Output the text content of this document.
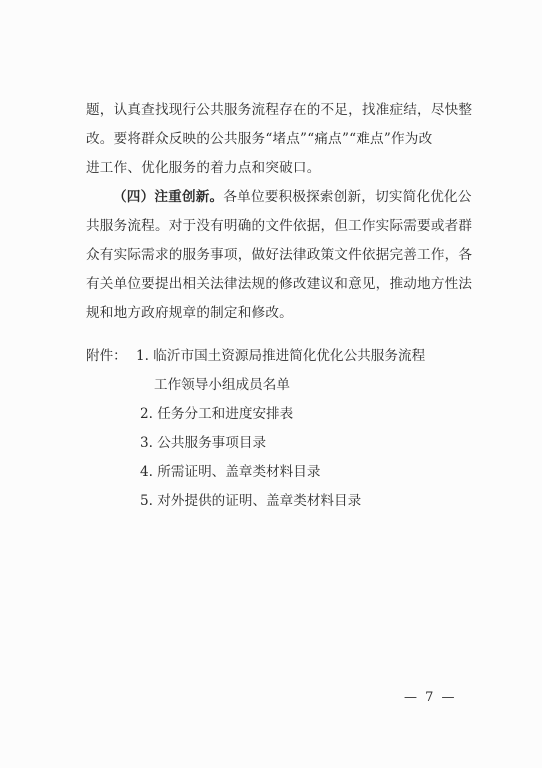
题，认真查找现行公共服务流程存在的不足，找准症结，尽快整
改。要将群众反映的公共服务“堵点”“痛点”“难点”作为改
进工作、优化服务的着力点和突破口。
（四）注重创新。各单位要积极探索创新，切实简化优化公
共服务流程。对于没有明确的文件依据，但工作实际需要或者群
众有实际需求的服务事项，做好法律政策文件依据完善工作，各
有关单位要提出相关法律法规的修改建议和意见，推动地方性法
规和地方政府规章的制定和修改。
附件： 1. 临沂市国土资源局推进简化优化公共服务流程
工作领导小组成员名单
2. 任务分工和进度安排表
3. 公共服务事项目录
4. 所需证明、盖章类材料目录
5. 对外提供的证明、盖章类材料目录
— 7 —
